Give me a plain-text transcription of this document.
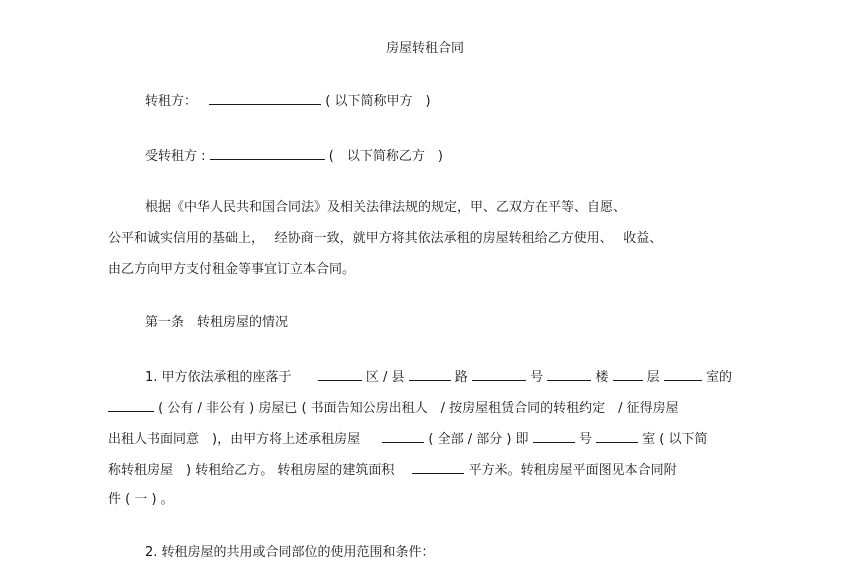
房屋转租合同
转租方：	( 以下简称甲方　)
受转租方 :	(　以下简称乙方　)
根据《中华人民共和国合同法》及相关法律法规的规定，甲、乙双方在平等、自愿、
公平和诚实信用的基础上，　 经协商一致，就甲方将其依法承租的房屋转租给乙方使用、　 收益、
由乙方向甲方支付租金等事宜订立本合同。
第一条　转租房屋的情况
1. 甲方依法承租的座落于	区 / 县	路	号	楼	层	室的
( 公有 / 非公有 ) 房屋已 ( 书面告知公房出租人　/ 按房屋租赁合同的转租约定　/ 征得房屋
出租人书面同意　)，由甲方将上述承租房屋	( 全部 / 部分 ) 即	号	室 ( 以下简
称转租房屋　) 转租给乙方。 转租房屋的建筑面积	平方米。转租房屋平面图见本合同附
件 ( 一 ) 。
2. 转租房屋的共用或合同部位的使用范围和条件：
